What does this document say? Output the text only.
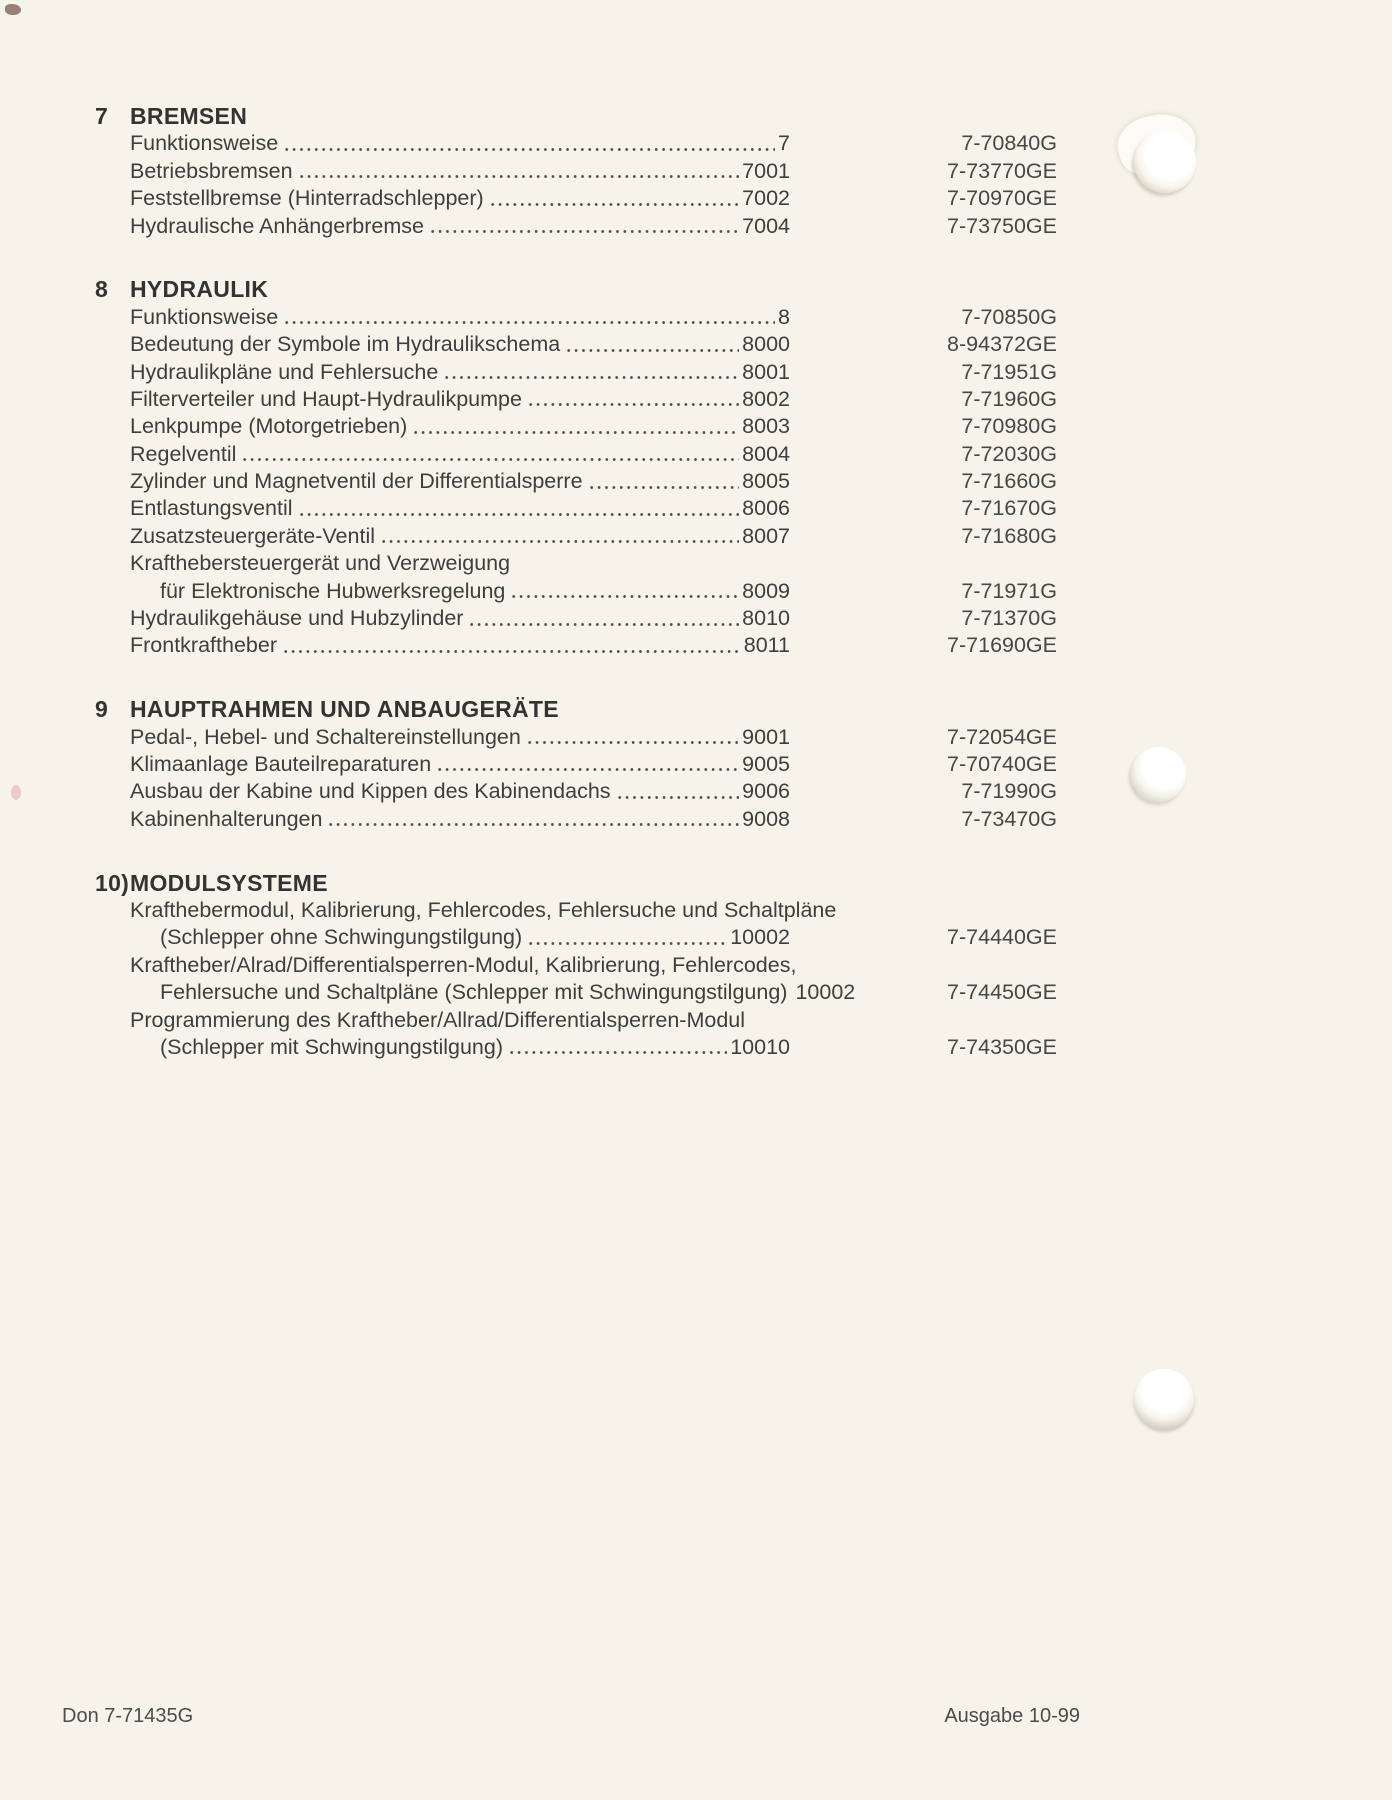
7 BREMSEN
Funktionsweise	7	7-70840G
Betriebsbremsen	7001	7-73770GE
Feststellbremse (Hinterradschlepper)	7002	7-70970GE
Hydraulische Anhängerbremse	7004	7-73750GE
8 HYDRAULIK
Funktionsweise	8	7-70850G
Bedeutung der Symbole im Hydraulikschema	8000	8-94372GE
Hydraulikpläne und Fehlersuche	8001	7-71951G
Filterverteiler und Haupt-Hydraulikpumpe	8002	7-71960G
Lenkpumpe (Motorgetrieben)	8003	7-70980G
Regelventil	8004	7-72030G
Zylinder und Magnetventil der Differentialsperre	8005	7-71660G
Entlastungsventil	8006	7-71670G
Zusatzsteuergeräte-Ventil	8007	7-71680G
Krafthebersteuergerät und Verzweigung
für Elektronische Hubwerksregelung	8009	7-71971G
Hydraulikgehäuse und Hubzylinder	8010	7-71370G
Frontkraftheber	8011	7-71690GE
9 HAUPTRAHMEN UND ANBAUGERÄTE
Pedal-, Hebel- und Schaltereinstellungen	9001	7-72054GE
Klimaanlage Bauteilreparaturen	9005	7-70740GE
Ausbau der Kabine und Kippen des Kabinendachs	9006	7-71990G
Kabinenhalterungen	9008	7-73470G
10) MODULSYSTEME
Krafthebermodul, Kalibrierung, Fehlercodes, Fehlersuche und Schaltpläne
(Schlepper ohne Schwingungstilgung)	10002	7-74440GE
Kraftheber/Alrad/Differentialsperren-Modul, Kalibrierung, Fehlercodes,
Fehlersuche und Schaltpläne (Schlepper mit Schwingungstilgung) 10002	7-74450GE
Programmierung des Kraftheber/Allrad/Differentialsperren-Modul
(Schlepper mit Schwingungstilgung)	10010	7-74350GE
Don 7-71435G	Ausgabe 10-99
